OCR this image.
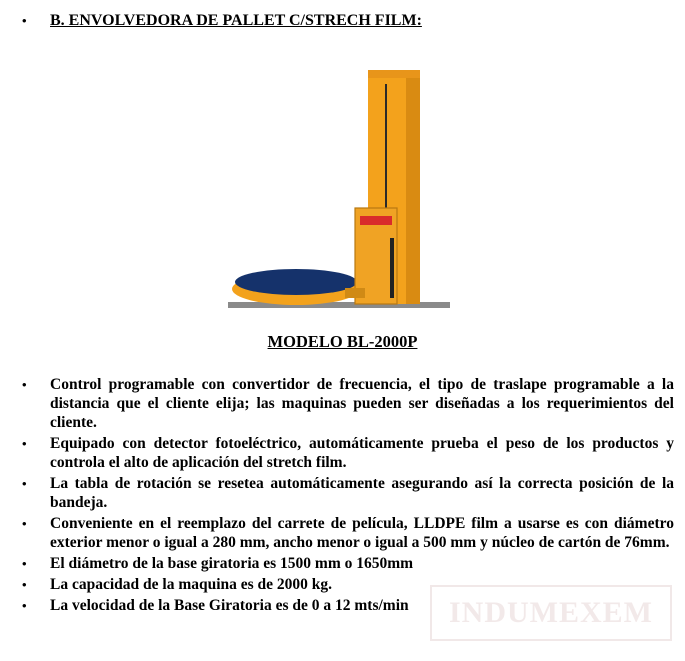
•	B. ENVOLVEDORA DE PALLET C/STRECH FILM:
MODELO BL-2000P
•	Control programable con convertidor de frecuencia, el tipo de traslape programable a la distancia que el cliente elija; las maquinas pueden ser diseñadas a los requerimientos del cliente.
•	Equipado con detector fotoeléctrico, automáticamente prueba el peso de los productos y controla el alto de aplicación del stretch film.
•	La tabla de rotación se resetea automáticamente asegurando así la correcta posición de la bandeja.
•	Conveniente en el reemplazo del carrete de película, LLDPE film a usarse es con diámetro exterior menor o igual a 280 mm, ancho menor o igual a 500 mm y núcleo de cartón de 76mm.
•	El diámetro de la base giratoria es 1500 mm o 1650mm
•	La capacidad de la maquina es de 2000 kg.
•	La velocidad de la Base Giratoria es de 0 a 12 mts/min	INDUMEXEM
